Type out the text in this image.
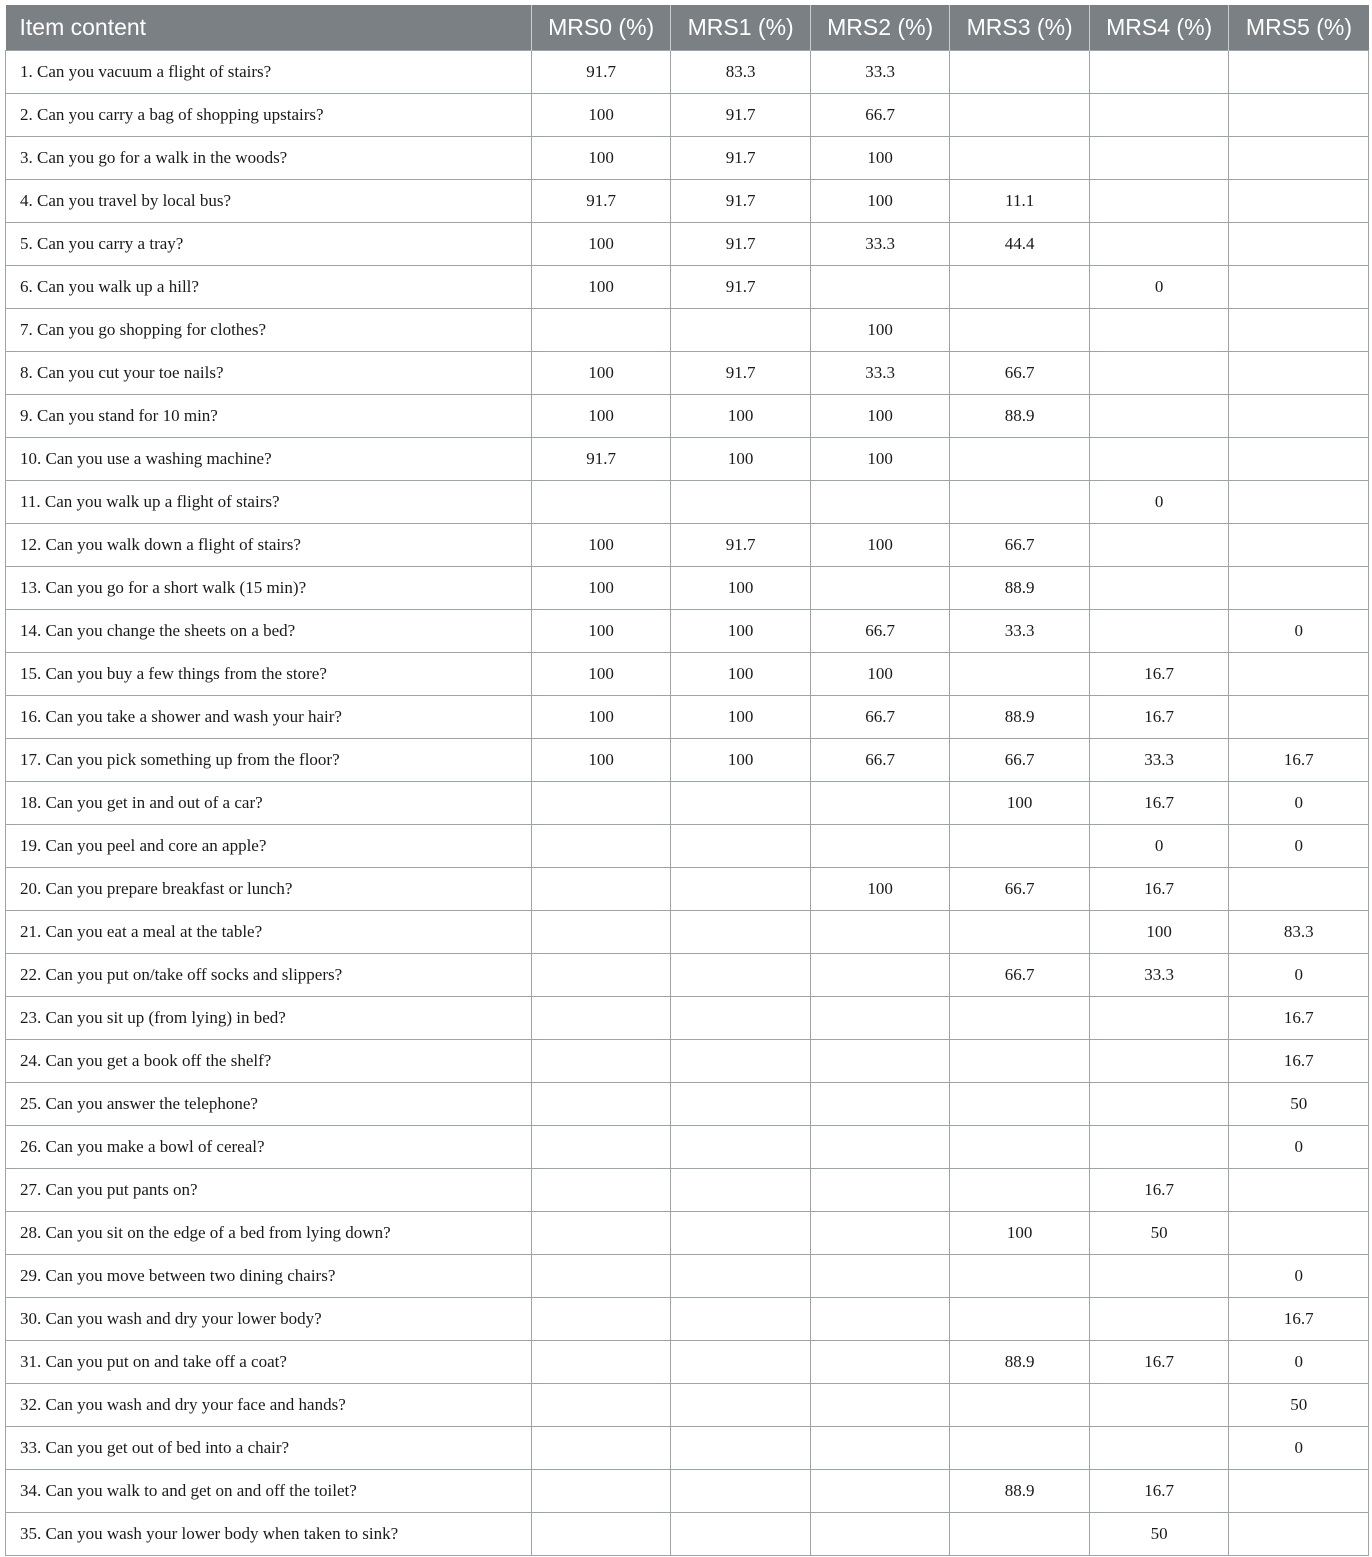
Item content	MRS0 (%)	MRS1 (%)	MRS2 (%)	MRS3 (%)	MRS4 (%)	MRS5 (%)
1. Can you vacuum a flight of stairs?	91.7	83.3	33.3			
2. Can you carry a bag of shopping upstairs?	100	91.7	66.7			
3. Can you go for a walk in the woods?	100	91.7	100			
4. Can you travel by local bus?	91.7	91.7	100	11.1		
5. Can you carry a tray?	100	91.7	33.3	44.4		
6. Can you walk up a hill?	100	91.7			0	
7. Can you go shopping for clothes?			100			
8. Can you cut your toe nails?	100	91.7	33.3	66.7		
9. Can you stand for 10 min?	100	100	100	88.9		
10. Can you use a washing machine?	91.7	100	100			
11. Can you walk up a flight of stairs?					0	
12. Can you walk down a flight of stairs?	100	91.7	100	66.7		
13. Can you go for a short walk (15 min)?	100	100		88.9		
14. Can you change the sheets on a bed?	100	100	66.7	33.3		0
15. Can you buy a few things from the store?	100	100	100		16.7	
16. Can you take a shower and wash your hair?	100	100	66.7	88.9	16.7	
17. Can you pick something up from the floor?	100	100	66.7	66.7	33.3	16.7
18. Can you get in and out of a car?				100	16.7	0
19. Can you peel and core an apple?					0	0
20. Can you prepare breakfast or lunch?			100	66.7	16.7	
21. Can you eat a meal at the table?					100	83.3
22. Can you put on/take off socks and slippers?				66.7	33.3	0
23. Can you sit up (from lying) in bed?						16.7
24. Can you get a book off the shelf?						16.7
25. Can you answer the telephone?						50
26. Can you make a bowl of cereal?						0
27. Can you put pants on?					16.7	
28. Can you sit on the edge of a bed from lying down?				100	50	
29. Can you move between two dining chairs?						0
30. Can you wash and dry your lower body?						16.7
31. Can you put on and take off a coat?				88.9	16.7	0
32. Can you wash and dry your face and hands?						50
33. Can you get out of bed into a chair?						0
34. Can you walk to and get on and off the toilet?				88.9	16.7	
35. Can you wash your lower body when taken to sink?					50	
